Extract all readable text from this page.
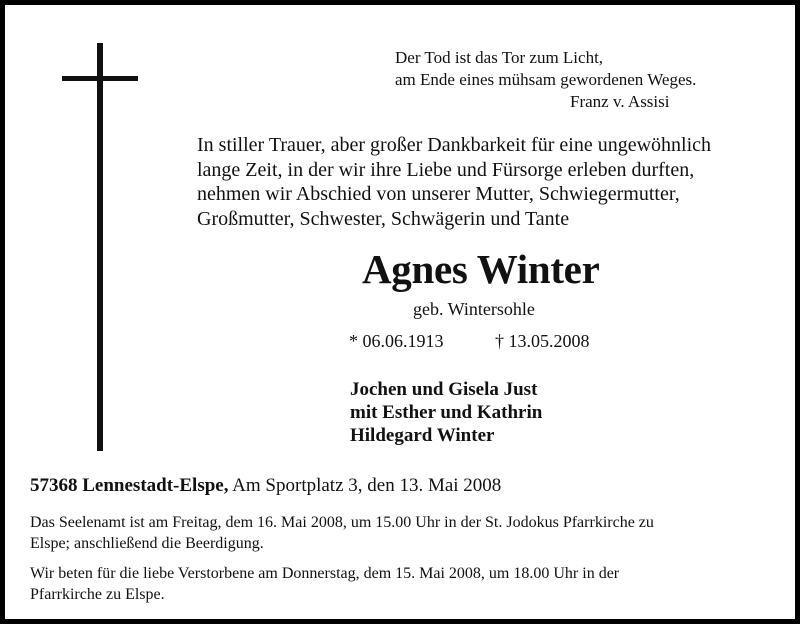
Der Tod ist das Tor zum Licht,
am Ende eines mühsam gewordenen Weges.
Franz v. Assisi
In stiller Trauer, aber großer Dankbarkeit für eine ungewöhnlich
lange Zeit, in der wir ihre Liebe und Fürsorge erleben durften,
nehmen wir Abschied von unserer Mutter, Schwiegermutter,
Großmutter, Schwester, Schwägerin und Tante
Agnes Winter
geb. Wintersohle
* 06.06.1913	† 13.05.2008
Jochen und Gisela Just
mit Esther und Kathrin
Hildegard Winter
57368 Lennestadt-Elspe, Am Sportplatz 3, den 13. Mai 2008
Das Seelenamt ist am Freitag, dem 16. Mai 2008, um 15.00 Uhr in der St. Jodokus Pfarrkirche zu
Elspe; anschließend die Beerdigung.
Wir beten für die liebe Verstorbene am Donnerstag, dem 15. Mai 2008, um 18.00 Uhr in der
Pfarrkirche zu Elspe.
